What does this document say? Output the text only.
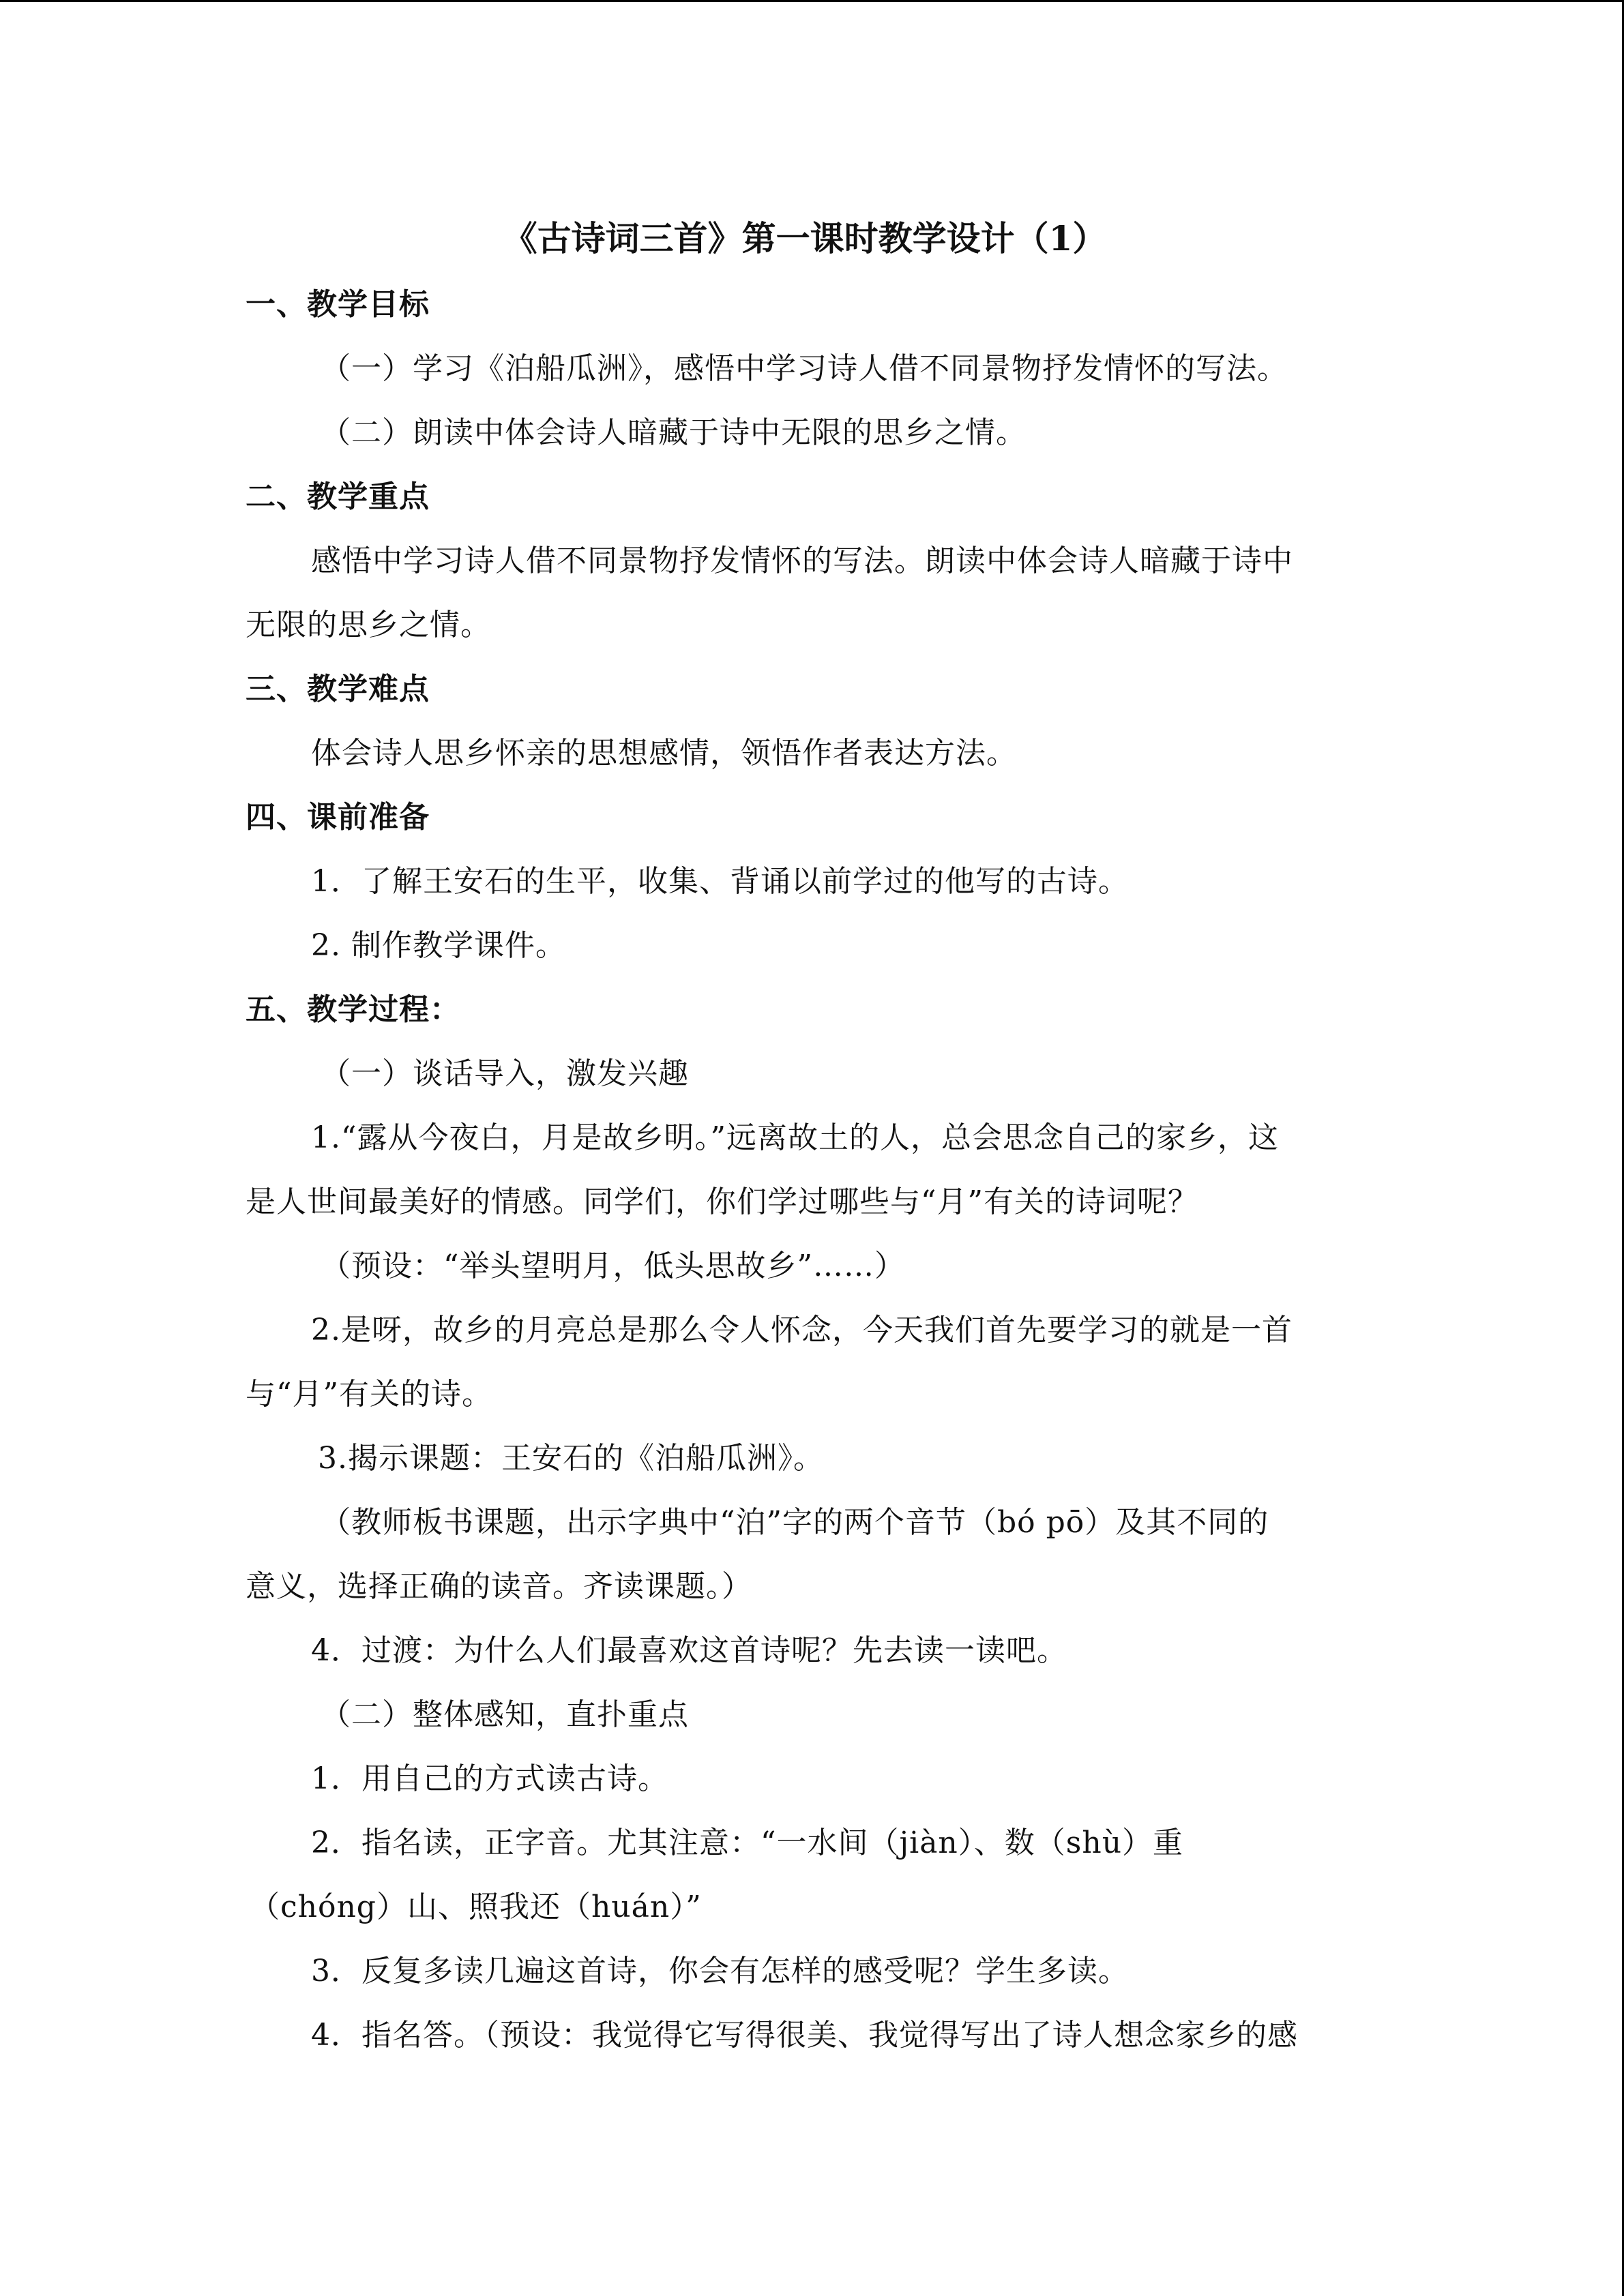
《古诗词三首》第一课时教学设计（1）
一、教学目标
（一）学习《泊船瓜洲》，感悟中学习诗人借不同景物抒发情怀的写法。
（二）朗读中体会诗人暗藏于诗中无限的思乡之情。
二、教学重点
感悟中学习诗人借不同景物抒发情怀的写法。朗读中体会诗人暗藏于诗中
无限的思乡之情。
三、教学难点
体会诗人思乡怀亲的思想感情，领悟作者表达方法。
四、课前准备
1．了解王安石的生平，收集、背诵以前学过的他写的古诗。
2. 制作教学课件。
五、教学过程：
（一）谈话导入，激发兴趣
1.“露从今夜白，月是故乡明。”远离故土的人，总会思念自己的家乡，这
是人世间最美好的情感。同学们，你们学过哪些与“月”有关的诗词呢？
（预设：“举头望明月，低头思故乡”……）
2.是呀，故乡的月亮总是那么令人怀念，今天我们首先要学习的就是一首
与“月”有关的诗。
3.揭示课题：王安石的《泊船瓜洲》。
（教师板书课题，出示字典中“泊”字的两个音节（bó pō）及其不同的
意义，选择正确的读音。齐读课题。）
4．过渡：为什么人们最喜欢这首诗呢？先去读一读吧。
（二）整体感知，直扑重点
1．用自己的方式读古诗。
2．指名读，正字音。尤其注意：“一水间（jiàn）、数（shù）重
（chóng）山、照我还（huán）”
3．反复多读几遍这首诗，你会有怎样的感受呢？学生多读。
4．指名答。（预设：我觉得它写得很美、我觉得写出了诗人想念家乡的感
